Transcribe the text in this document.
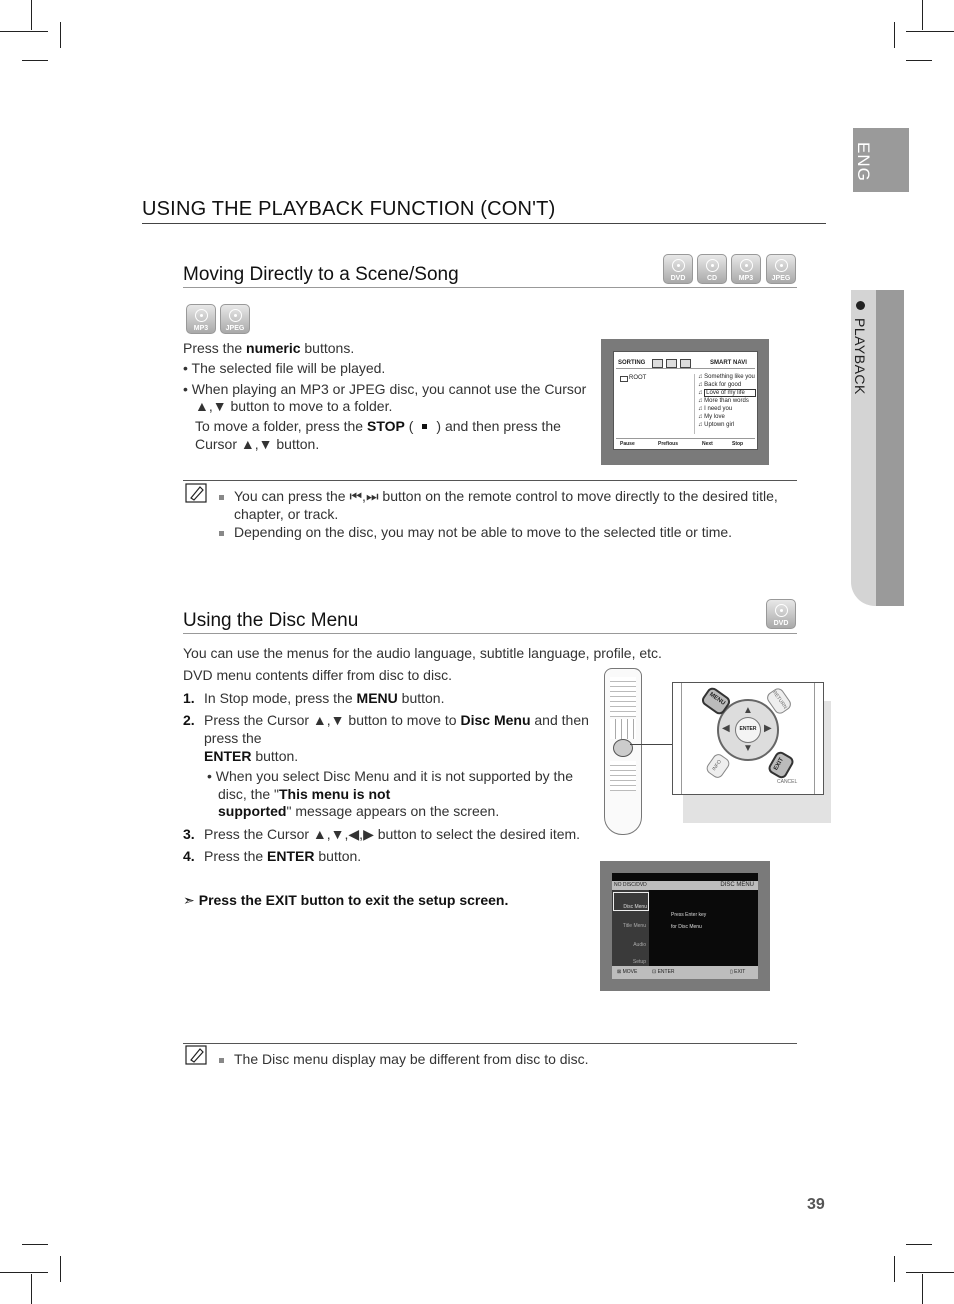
ENG
PLAYBACK
USING THE PLAYBACK FUNCTION (CON'T)
Moving Directly to a Scene/Song	DVD	CD	MP3	JPEG
MP3	JPEG
Press the numeric buttons.
• The selected file will be played.
• When playing an MP3 or JPEG disc, you cannot use the Cursor
▲,▼ button to move to a folder.
To move a folder, press the STOP ( ) and then press the
Cursor ▲,▼ button.
SORTING	SMART NAVI
ROOT	♫ Something like you
♫ Back for good
♫ Love of my life
♫ More than words
♫ I need you
♫ My love
♫ Uptown girl
Pause	Prefious	Next	Stop
You can press the ⏮,⏭ button on the remote control to move directly to the desired title,
chapter, or track.
Depending on the disc, you may not be able to move to the selected title or time.
Using the Disc Menu	DVD
You can use the menus for the audio language, subtitle language, profile, etc.
DVD menu contents differ from disc to disc.
1. In Stop mode, press the MENU button.
2. Press the Cursor ▲,▼ button to move to Disc Menu and then
press the
ENTER button.
• When you select Disc Menu and it is not supported by the
disc, the "This menu is not
supported" message appears on the screen.
3. Press the Cursor ▲,▼,◀,▶ button to select the desired item.
4. Press the ENTER button.
➣ Press the EXIT button to exit the setup screen.
▲
▼
◀	▶
ENTER
MENU	RETURN
INFO	EXIT
CANCEL
NO DISC/DVD	DISC MENU
Disc Menu
Title Menu
Audio
Setup
Press Enter key
for Disc Menu
⊠ MOVE	⊡ ENTER	▯ EXIT
The Disc menu display may be different from disc to disc.
39
